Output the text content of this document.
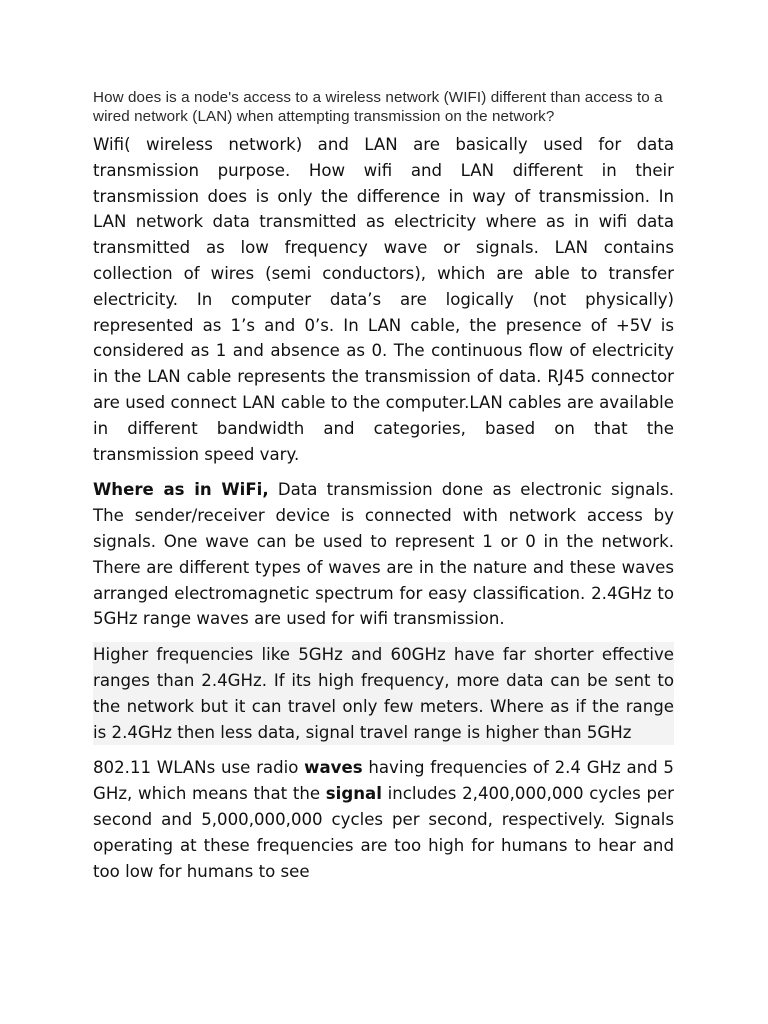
How does is a node's access to a wireless network (WIFI) different than access to a wired network (LAN) when attempting transmission on the network?

Wifi( wireless network) and LAN are basically used for data transmission purpose. How wifi and LAN different in their transmission does is only the difference in way of transmission. In LAN network data transmitted as electricity where as in wifi data transmitted as low frequency wave or signals. LAN contains collection of wires (semi conductors), which are able to transfer electricity. In computer data’s are logically (not physically) represented as 1’s and 0’s. In LAN cable, the presence of +5V is considered as 1 and absence as 0. The continuous flow of electricity in the LAN cable represents the transmission of data. RJ45 connector are used connect LAN cable to the computer.LAN cables are available in different bandwidth and categories, based on that the transmission speed vary.

Where as in WiFi, Data transmission done as electronic signals. The sender/receiver device is connected with network access by signals. One wave can be used to represent 1 or 0 in the network. There are different types of waves are in the nature and these waves arranged electromagnetic spectrum for easy classification. 2.4GHz to 5GHz range waves are used for wifi transmission.

Higher frequencies like 5GHz and 60GHz have far shorter effective ranges than 2.4GHz. If its high frequency, more data can be sent to the network but it can travel only few meters. Where as if the range is 2.4GHz then less data, signal travel range is higher than 5GHz

802.11 WLANs use radio waves having frequencies of 2.4 GHz and 5 GHz, which means that the signal includes 2,400,000,000 cycles per second and 5,000,000,000 cycles per second, respectively. Signals operating at these frequencies are too high for humans to hear and too low for humans to see
